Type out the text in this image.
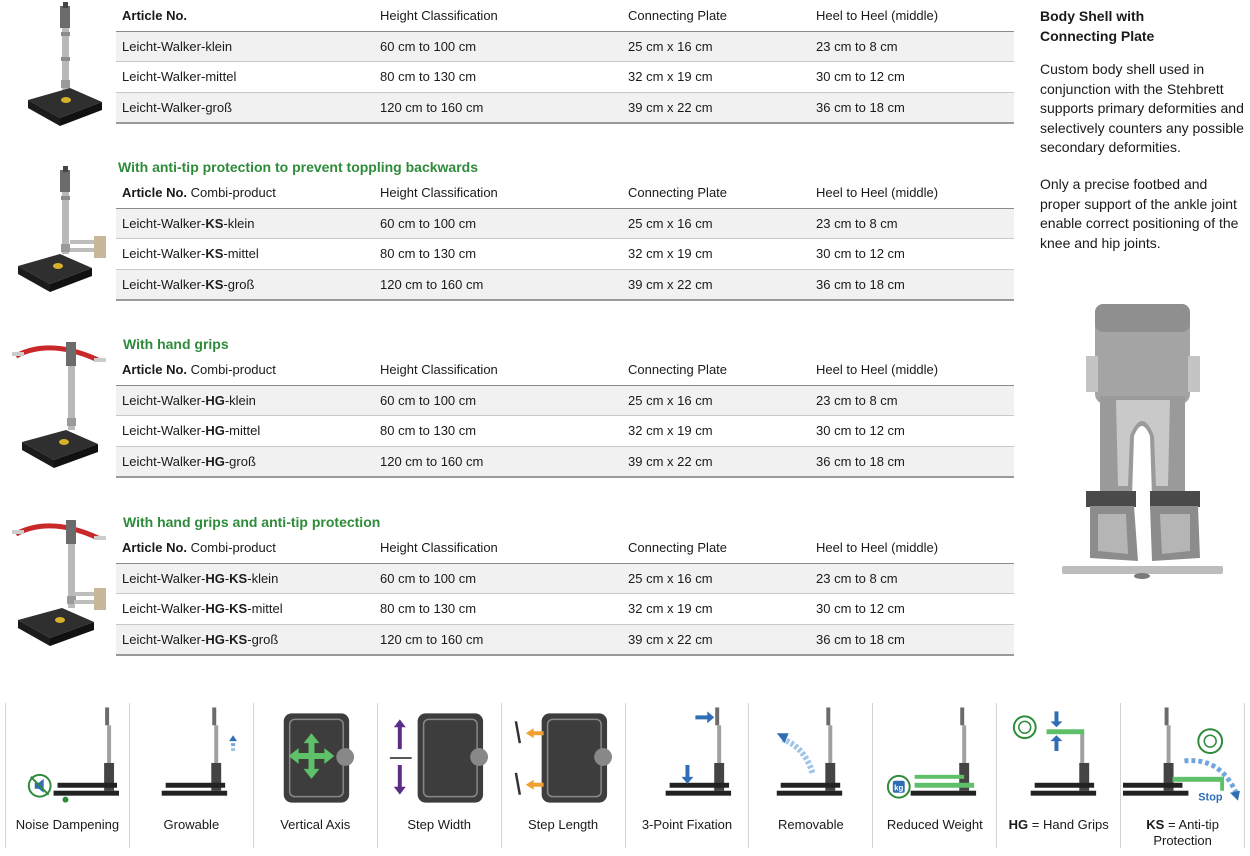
With anti-tip protection to prevent toppling backwards
With hand grips
With hand grips and anti-tip protection
Article No.	Height Classification	Connecting Plate	Heel to Heel (middle)
Leicht-Walker-klein	60 cm to 100 cm	25 cm x 16 cm	23 cm to 8 cm
Leicht-Walker-mittel	80 cm to 130 cm	32 cm x 19 cm	30 cm to 12 cm
Leicht-Walker-groß	120 cm to 160 cm	39 cm x 22 cm	36 cm to 18 cm
Article No. Combi-product	Height Classification	Connecting Plate	Heel to Heel (middle)
Leicht-Walker-KS-klein	60 cm to 100 cm	25 cm x 16 cm	23 cm to 8 cm
Leicht-Walker-KS-mittel	80 cm to 130 cm	32 cm x 19 cm	30 cm to 12 cm
Leicht-Walker-KS-groß	120 cm to 160 cm	39 cm x 22 cm	36 cm to 18 cm
Article No. Combi-product	Height Classification	Connecting Plate	Heel to Heel (middle)
Leicht-Walker-HG-klein	60 cm to 100 cm	25 cm x 16 cm	23 cm to 8 cm
Leicht-Walker-HG-mittel	80 cm to 130 cm	32 cm x 19 cm	30 cm to 12 cm
Leicht-Walker-HG-groß	120 cm to 160 cm	39 cm x 22 cm	36 cm to 18 cm
Article No. Combi-product	Height Classification	Connecting Plate	Heel to Heel (middle)
Leicht-Walker-HG-KS-klein	60 cm to 100 cm	25 cm x 16 cm	23 cm to 8 cm
Leicht-Walker-HG-KS-mittel	80 cm to 130 cm	32 cm x 19 cm	30 cm to 12 cm
Leicht-Walker-HG-KS-groß	120 cm to 160 cm	39 cm x 22 cm	36 cm to 18 cm
Body Shell with
Connecting Plate

Custom body shell used in conjunction with the Stehbrett supports primary deformities and selectively counters any possible secondary deformities.

Only a precise footbed and proper support of the ankle joint enable correct positioning of the knee and hip joints.

Noise Dampening	Growable	Vertical Axis	Step Width	Step Length	3-Point Fixation	Removable
kg
Reduced Weight	HG = Hand Grips
Stop
KS = Anti-tip Protection
